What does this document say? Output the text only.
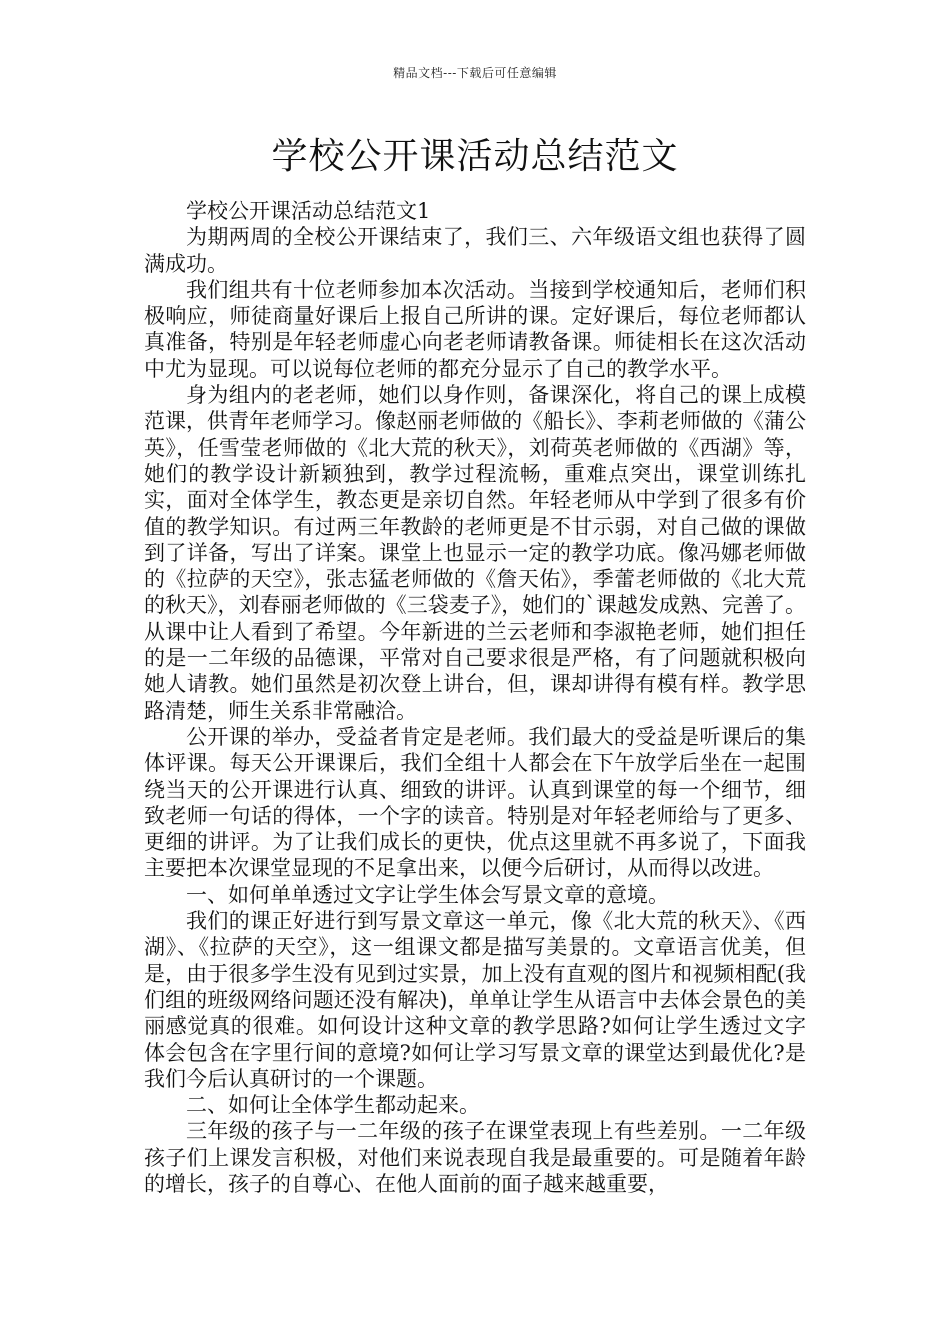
精品文档---下载后可任意编辑
学校公开课活动总结范文

学校公开课活动总结范文1

为期两周的全校公开课结束了，我们三、六年级语文组也获得了圆满成功。

我们组共有十位老师参加本次活动。当接到学校通知后，老师们积极响应，师徒商量好课后上报自己所讲的课。定好课后，每位老师都认真准备，特别是年轻老师虚心向老老师请教备课。师徒相长在这次活动中尤为显现。可以说每位老师的都充分显示了自己的教学水平。

身为组内的老老师，她们以身作则，备课深化，将自己的课上成模范课，供青年老师学习。像赵丽老师做的《船长》、李莉老师做的《蒲公英》，任雪莹老师做的《北大荒的秋天》，刘荷英老师做的《西湖》等，她们的教学设计新颖独到，教学过程流畅，重难点突出，课堂训练扎实，面对全体学生，教态更是亲切自然。年轻老师从中学到了很多有价值的教学知识。有过两三年教龄的老师更是不甘示弱，对自己做的课做到了详备，写出了详案。课堂上也显示一定的教学功底。像冯娜老师做的《拉萨的天空》，张志猛老师做的《詹天佑》，季蕾老师做的《北大荒的秋天》，刘春丽老师做的《三袋麦子》，她们的`课越发成熟、完善了。从课中让人看到了希望。今年新进的兰云老师和李淑艳老师，她们担任的是一二年级的品德课，平常对自己要求很是严格，有了问题就积极向她人请教。她们虽然是初次登上讲台，但，课却讲得有模有样。教学思路清楚，师生关系非常融洽。

公开课的举办，受益者肯定是老师。我们最大的受益是听课后的集体评课。每天公开课课后，我们全组十人都会在下午放学后坐在一起围绕当天的公开课进行认真、细致的讲评。认真到课堂的每一个细节，细致老师一句话的得体，一个字的读音。特别是对年轻老师给与了更多、更细的讲评。为了让我们成长的更快，优点这里就不再多说了，下面我主要把本次课堂显现的不足拿出来，以便今后研讨，从而得以改进。

一、如何单单透过文字让学生体会写景文章的意境。

我们的课正好进行到写景文章这一单元，像《北大荒的秋天》、《西湖》、《拉萨的天空》，这一组课文都是描写美景的。文章语言优美，但是，由于很多学生没有见到过实景，加上没有直观的图片和视频相配(我们组的班级网络问题还没有解决)，单单让学生从语言中去体会景色的美丽感觉真的很难。如何设计这种文章的教学思路?如何让学生透过文字体会包含在字里行间的意境?如何让学习写景文章的课堂达到最优化?是我们今后认真研讨的一个课题。

二、如何让全体学生都动起来。

三年级的孩子与一二年级的孩子在课堂表现上有些差别。一二年级孩子们上课发言积极，对他们来说表现自我是最重要的。可是随着年龄的增长，孩子的自尊心、在他人面前的面子越来越重要，
